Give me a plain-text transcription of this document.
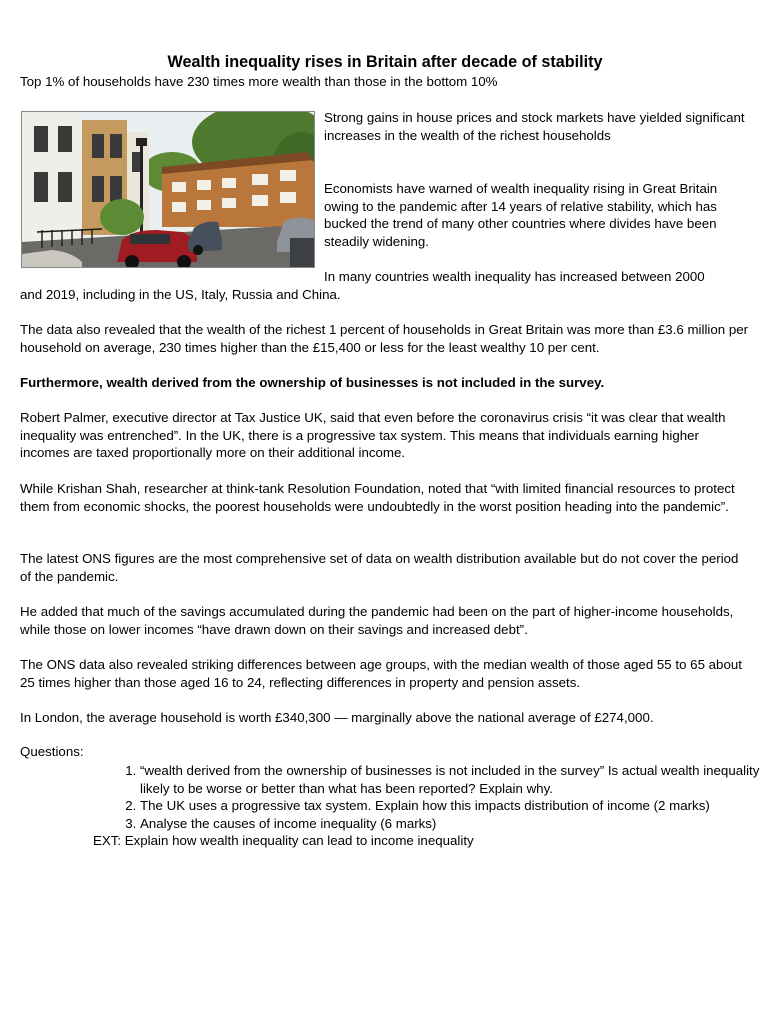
Wealth inequality rises in Britain after decade of stability

Top 1% of households have 230 times more wealth than those in the bottom 10%

Strong gains in house prices and stock markets have yielded significant increases in the wealth of the richest households

Economists have warned of wealth inequality rising in Great Britain owing to the pandemic after 14 years of relative stability, which has bucked the trend of many other countries where divides have been steadily widening.

In many countries wealth inequality has increased between 2000

and 2019, including in the US, Italy, Russia and China.

The data also revealed that the wealth of the richest 1 percent of households in Great Britain was more than £3.6 million per household on average, 230 times higher than the £15,400 or less for the least wealthy 10 per cent.

Furthermore, wealth derived from the ownership of businesses is not included in the survey.

Robert Palmer, executive director at Tax Justice UK, said that even before the coronavirus crisis “it was clear that wealth inequality was entrenched”. In the UK, there is a progressive tax system. This means that individuals earning higher incomes are taxed proportionally more on their additional income.

While Krishan Shah, researcher at think-tank Resolution Foundation, noted that “with limited financial resources to protect them from economic shocks, the poorest households were undoubtedly in the worst position heading into the pandemic”.

The latest ONS figures are the most comprehensive set of data on wealth distribution available but do not cover the period of the pandemic.

He added that much of the savings accumulated during the pandemic had been on the part of higher-income households, while those on lower incomes “have drawn down on their savings and increased debt”.

The ONS data also revealed striking differences between age groups, with the median wealth of those aged 55 to 65 about 25 times higher than those aged 16 to 24, reflecting differences in property and pension assets.

In London, the average household is worth £340,300 — marginally above the national average of £274,000.

Questions:

1. “wealth derived from the ownership of businesses is not included in the survey” Is actual wealth inequality likely to be worse or better than what has been reported? Explain why.
2. The UK uses a progressive tax system. Explain how this impacts distribution of income (2 marks)
3. Analyse the causes of income inequality (6 marks)

EXT: Explain how wealth inequality can lead to income inequality
